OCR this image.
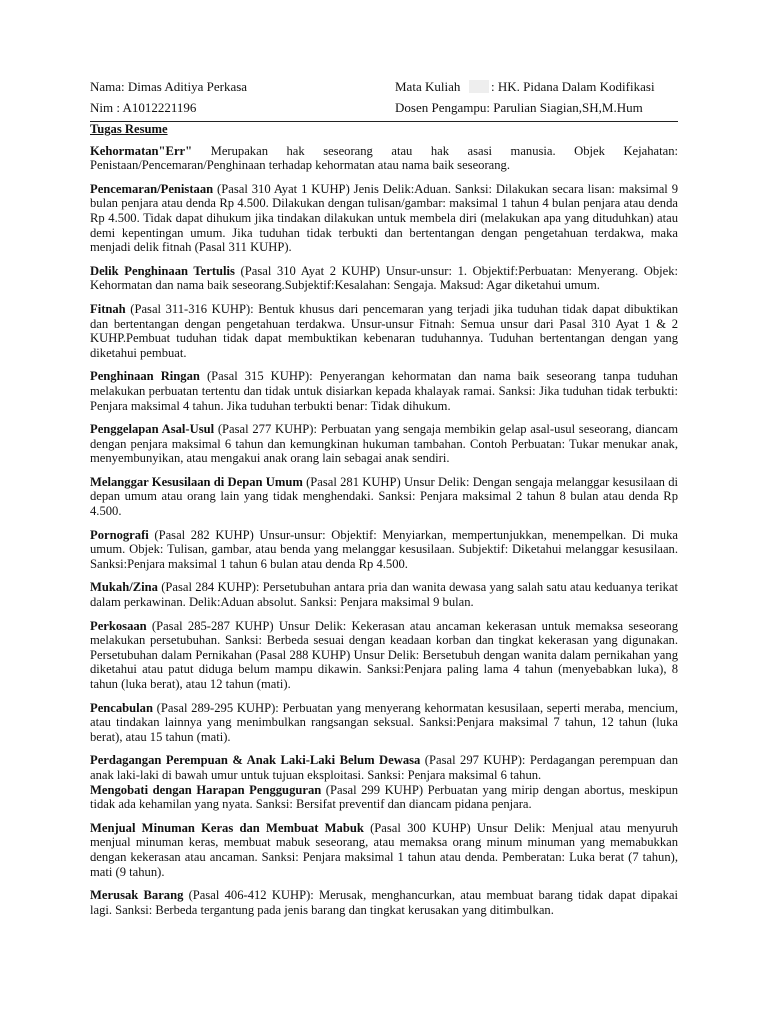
Nama: Dimas Aditiya Perkasa	Mata Kuliah : HK. Pidana Dalam Kodifikasi
Nim : A1012221196	Dosen Pengampu: Parulian Siagian,SH,M.Hum
Tugas Resume

Kehormatan"Err" Merupakan hak seseorang atau hak asasi manusia. Objek Kejahatan: Penistaan/Pencemaran/Penghinaan terhadap kehormatan atau nama baik seseorang.

Pencemaran/Penistaan (Pasal 310 Ayat 1 KUHP) Jenis Delik:Aduan. Sanksi: Dilakukan secara lisan: maksimal 9 bulan penjara atau denda Rp 4.500. Dilakukan dengan tulisan/gambar: maksimal 1 tahun 4 bulan penjara atau denda Rp 4.500. Tidak dapat dihukum jika tindakan dilakukan untuk membela diri (melakukan apa yang dituduhkan) atau demi kepentingan umum. Jika tuduhan tidak terbukti dan bertentangan dengan pengetahuan terdakwa, maka menjadi delik fitnah (Pasal 311 KUHP).

Delik Penghinaan Tertulis (Pasal 310 Ayat 2 KUHP) Unsur-unsur: 1. Objektif:Perbuatan: Menyerang. Objek: Kehormatan dan nama baik seseorang.Subjektif:Kesalahan: Sengaja. Maksud: Agar diketahui umum.

Fitnah (Pasal 311-316 KUHP): Bentuk khusus dari pencemaran yang terjadi jika tuduhan tidak dapat dibuktikan dan bertentangan dengan pengetahuan terdakwa. Unsur-unsur Fitnah: Semua unsur dari Pasal 310 Ayat 1 & 2 KUHP.Pembuat tuduhan tidak dapat membuktikan kebenaran tuduhannya. Tuduhan bertentangan dengan yang diketahui pembuat.

Penghinaan Ringan (Pasal 315 KUHP): Penyerangan kehormatan dan nama baik seseorang tanpa tuduhan melakukan perbuatan tertentu dan tidak untuk disiarkan kepada khalayak ramai. Sanksi: Jika tuduhan tidak terbukti: Penjara maksimal 4 tahun. Jika tuduhan terbukti benar: Tidak dihukum.

Penggelapan Asal-Usul (Pasal 277 KUHP): Perbuatan yang sengaja membikin gelap asal-usul seseorang, diancam dengan penjara maksimal 6 tahun dan kemungkinan hukuman tambahan. Contoh Perbuatan: Tukar menukar anak, menyembunyikan, atau mengakui anak orang lain sebagai anak sendiri.

Melanggar Kesusilaan di Depan Umum (Pasal 281 KUHP) Unsur Delik: Dengan sengaja melanggar kesusilaan di depan umum atau orang lain yang tidak menghendaki. Sanksi: Penjara maksimal 2 tahun 8 bulan atau denda Rp 4.500.

Pornografi (Pasal 282 KUHP) Unsur-unsur: Objektif: Menyiarkan, mempertunjukkan, menempelkan. Di muka umum. Objek: Tulisan, gambar, atau benda yang melanggar kesusilaan. Subjektif: Diketahui melanggar kesusilaan. Sanksi:Penjara maksimal 1 tahun 6 bulan atau denda Rp 4.500.

Mukah/Zina (Pasal 284 KUHP): Persetubuhan antara pria dan wanita dewasa yang salah satu atau keduanya terikat dalam perkawinan. Delik:Aduan absolut. Sanksi: Penjara maksimal 9 bulan.

Perkosaan (Pasal 285-287 KUHP) Unsur Delik: Kekerasan atau ancaman kekerasan untuk memaksa seseorang melakukan persetubuhan. Sanksi: Berbeda sesuai dengan keadaan korban dan tingkat kekerasan yang digunakan. Persetubuhan dalam Pernikahan (Pasal 288 KUHP) Unsur Delik: Bersetubuh dengan wanita dalam pernikahan yang diketahui atau patut diduga belum mampu dikawin. Sanksi:Penjara paling lama 4 tahun (menyebabkan luka), 8 tahun (luka berat), atau 12 tahun (mati).

Pencabulan (Pasal 289-295 KUHP): Perbuatan yang menyerang kehormatan kesusilaan, seperti meraba, mencium, atau tindakan lainnya yang menimbulkan rangsangan seksual. Sanksi:Penjara maksimal 7 tahun, 12 tahun (luka berat), atau 15 tahun (mati).

Perdagangan Perempuan & Anak Laki-Laki Belum Dewasa (Pasal 297 KUHP): Perdagangan perempuan dan anak laki-laki di bawah umur untuk tujuan eksploitasi. Sanksi: Penjara maksimal 6 tahun.

Mengobati dengan Harapan Pengguguran (Pasal 299 KUHP) Perbuatan yang mirip dengan abortus, meskipun tidak ada kehamilan yang nyata. Sanksi: Bersifat preventif dan diancam pidana penjara.

Menjual Minuman Keras dan Membuat Mabuk (Pasal 300 KUHP) Unsur Delik: Menjual atau menyuruh menjual minuman keras, membuat mabuk seseorang, atau memaksa orang minum minuman yang memabukkan dengan kekerasan atau ancaman. Sanksi: Penjara maksimal 1 tahun atau denda. Pemberatan: Luka berat (7 tahun), mati (9 tahun).

Merusak Barang (Pasal 406-412 KUHP): Merusak, menghancurkan, atau membuat barang tidak dapat dipakai lagi. Sanksi: Berbeda tergantung pada jenis barang dan tingkat kerusakan yang ditimbulkan.
